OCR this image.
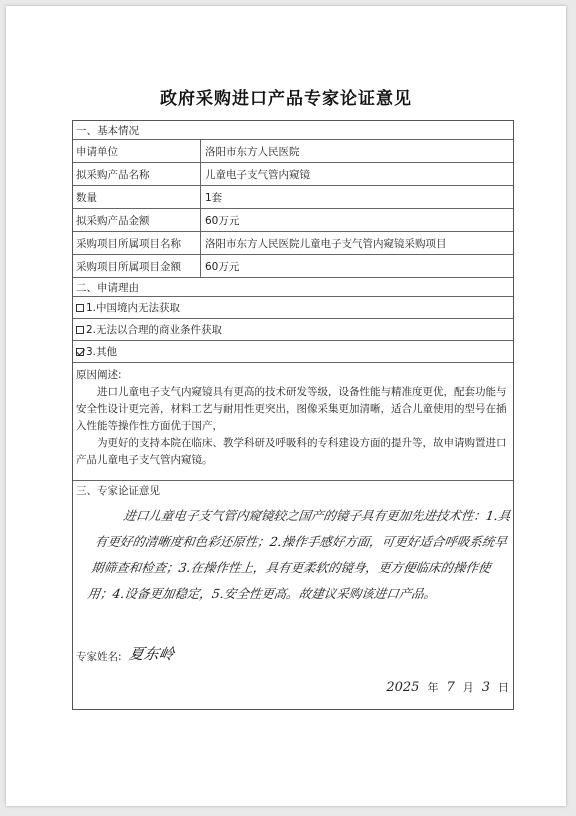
政府采购进口产品专家论证意见
一、基本情况
申请单位	洛阳市东方人民医院
拟采购产品名称	儿童电子支气管内窥镜
数量	1套
拟采购产品金额	60万元
采购项目所属项目名称	洛阳市东方人民医院儿童电子支气管内窥镜采购项目
采购项目所属项目金额	60万元
二、申请理由
1.中国境内无法获取
2.无法以合理的商业条件获取
3.其他
原因阐述:

进口儿童电子支气内窥镜具有更高的技术研发等级，设备性能与精准度更优，配套功能与安全性设计更完善，材料工艺与耐用性更突出，图像采集更加清晰，适合儿童使用的型号在插入性能等操作性方面优于国产，

为更好的支持本院在临床、教学科研及呼吸科的专科建设方面的提升等，故申请购置进口产品儿童电子支气管内窥镜。

三、专家论证意见

进口儿童电子支气管内窥镜较之国产的镜子具有更加先进技术性：1.具有更好的清晰度和色彩还原性；2.操作手感好方面，可更好适合呼吸系统早期筛查和检查；3.在操作性上，具有更柔软的镜身，更方便临床的操作使用；4.设备更加稳定，5.安全性更高。故建议采购该进口产品。

专家姓名: 夏东岭
2025 年 7 月 3 日
